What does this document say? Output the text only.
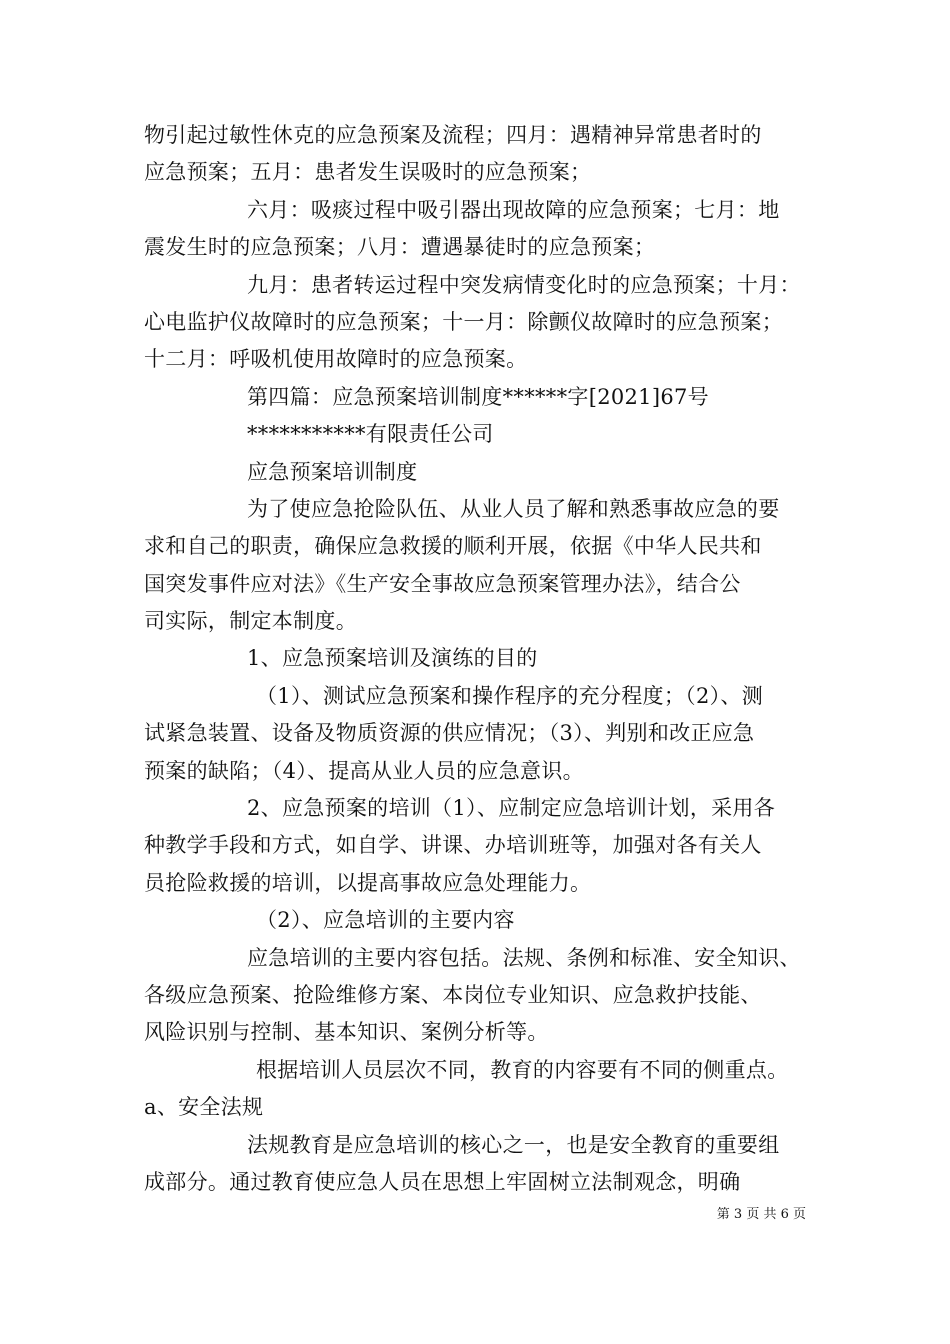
物引起过敏性休克的应急预案及流程；四月：遇精神异常患者时的
应急预案；五月：患者发生误吸时的应急预案；
六月：吸痰过程中吸引器出现故障的应急预案；七月：地
震发生时的应急预案；八月：遭遇暴徒时的应急预案；
九月：患者转运过程中突发病情变化时的应急预案；十月：
心电监护仪故障时的应急预案；十一月：除颤仪故障时的应急预案；
十二月：呼吸机使用故障时的应急预案。
第四篇：应急预案培训制度******字[2021]67号
***********有限责任公司
应急预案培训制度
为了使应急抢险队伍、从业人员了解和熟悉事故应急的要
求和自己的职责，确保应急救援的顺利开展，依据《中华人民共和
国突发事件应对法》《生产安全事故应急预案管理办法》，结合公
司实际，制定本制度。
1、应急预案培训及演练的目的
（1）、测试应急预案和操作程序的充分程度；（2）、测
试紧急装置、设备及物质资源的供应情况；（3）、判别和改正应急
预案的缺陷；（4）、提高从业人员的应急意识。
2、应急预案的培训（1）、应制定应急培训计划，采用各
种教学手段和方式，如自学、讲课、办培训班等，加强对各有关人
员抢险救援的培训，以提高事故应急处理能力。
（2）、应急培训的主要内容
应急培训的主要内容包括。法规、条例和标准、安全知识、
各级应急预案、抢险维修方案、本岗位专业知识、应急救护技能、
风险识别与控制、基本知识、案例分析等。
根据培训人员层次不同，教育的内容要有不同的侧重点。
a、安全法规
法规教育是应急培训的核心之一，也是安全教育的重要组
成部分。通过教育使应急人员在思想上牢固树立法制观念，明确
第 3 页 共 6 页
